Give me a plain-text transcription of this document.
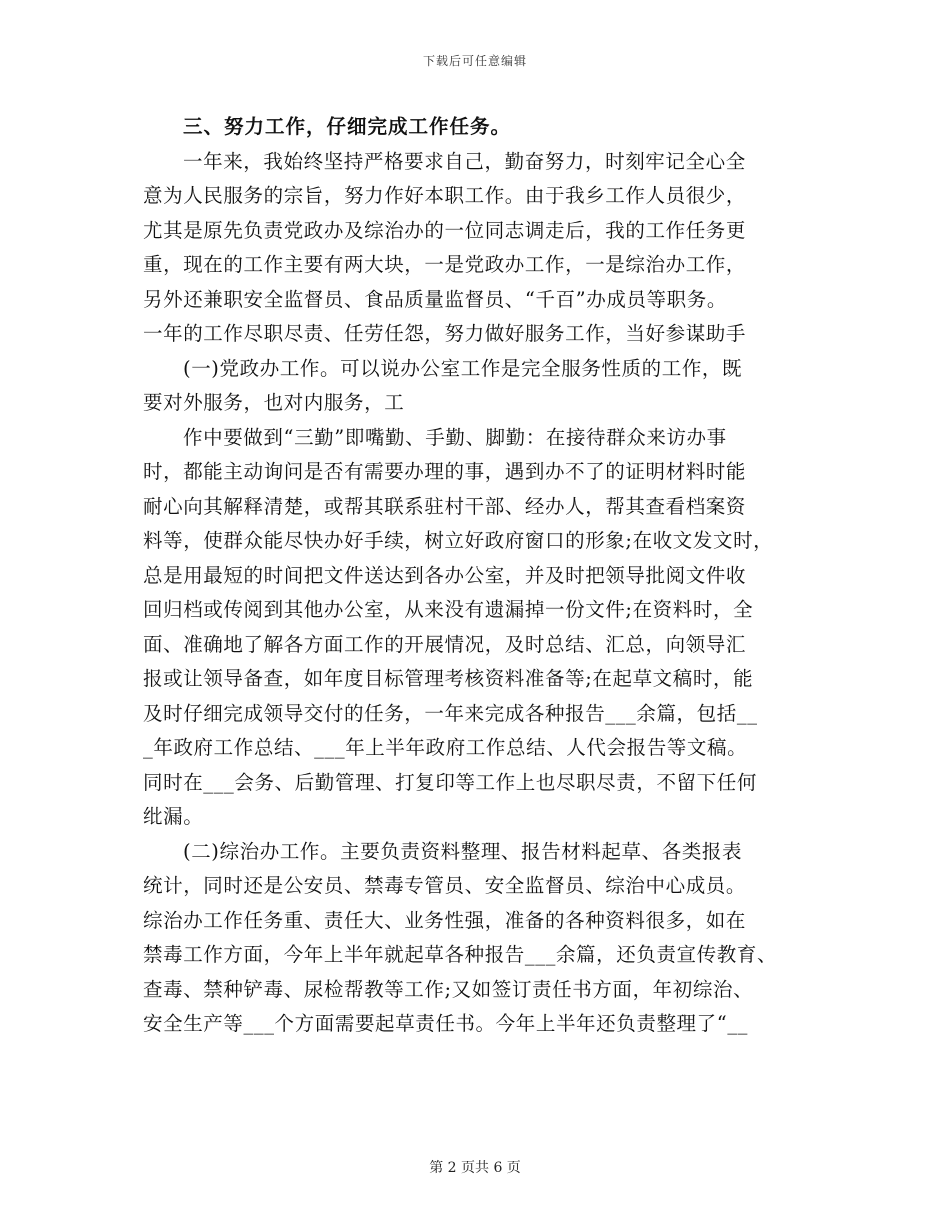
下载后可任意编辑
三、努力工作，仔细完成工作任务。
一年来，我始终坚持严格要求自己，勤奋努力，时刻牢记全心全
意为人民服务的宗旨，努力作好本职工作。由于我乡工作人员很少，
尤其是原先负责党政办及综治办的一位同志调走后，我的工作任务更
重，现在的工作主要有两大块，一是党政办工作，一是综治办工作，
另外还兼职安全监督员、食品质量监督员、“千百”办成员等职务。
一年的工作尽职尽责、任劳任怨，努力做好服务工作，当好参谋助手
(一)党政办工作。可以说办公室工作是完全服务性质的工作，既
要对外服务，也对内服务，工
作中要做到“三勤”即嘴勤、手勤、脚勤：在接待群众来访办事
时，都能主动询问是否有需要办理的事，遇到办不了的证明材料时能
耐心向其解释清楚，或帮其联系驻村干部、经办人，帮其查看档案资
料等，使群众能尽快办好手续，树立好政府窗口的形象;在收文发文时，
总是用最短的时间把文件送达到各办公室，并及时把领导批阅文件收
回归档或传阅到其他办公室，从来没有遗漏掉一份文件;在资料时，全
面、准确地了解各方面工作的开展情况，及时总结、汇总，向领导汇
报或让领导备查，如年度目标管理考核资料准备等;在起草文稿时，能
及时仔细完成领导交付的任务，一年来完成各种报告___余篇，包括__
_年政府工作总结、___年上半年政府工作总结、人代会报告等文稿。
同时在___会务、后勤管理、打复印等工作上也尽职尽责，不留下任何
纰漏。
(二)综治办工作。主要负责资料整理、报告材料起草、各类报表
统计，同时还是公安员、禁毒专管员、安全监督员、综治中心成员。
综治办工作任务重、责任大、业务性强，准备的各种资料很多，如在
禁毒工作方面，今年上半年就起草各种报告___余篇，还负责宣传教育、
查毒、禁种铲毒、尿检帮教等工作;又如签订责任书方面，年初综治、
安全生产等___个方面需要起草责任书。今年上半年还负责整理了“__
第 2 页共 6 页
